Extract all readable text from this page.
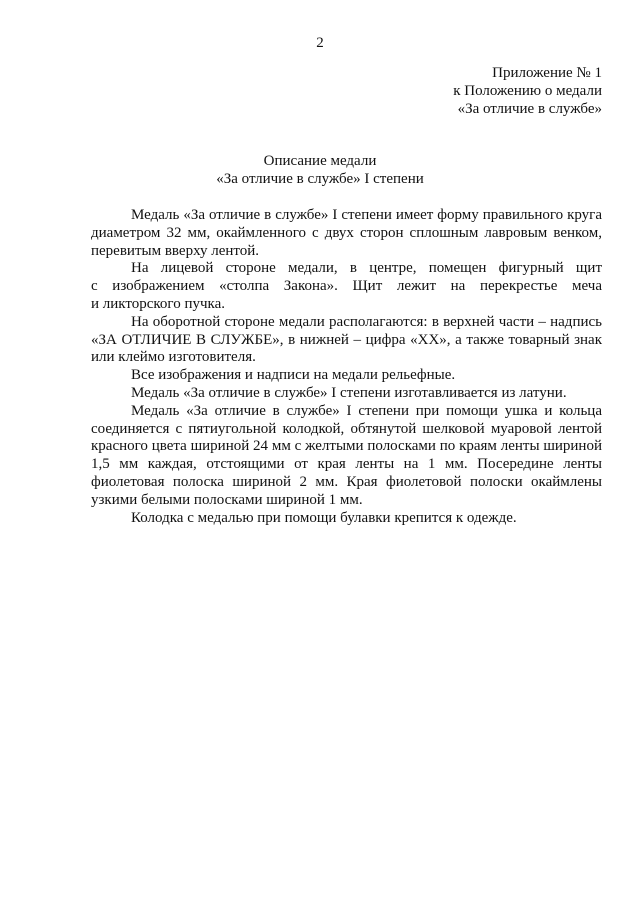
2
Приложение № 1
к Положению о медали
«За отличие в службе»
Описание медали
«За отличие в службе» I степени
Медаль «За отличие в службе» I степени имеет форму правильного круга
диаметром 32 мм, окаймленного с двух сторон сплошным лавровым венком,
перевитым вверху лентой.
На лицевой стороне медали, в центре, помещен фигурный щит
с изображением «столпа Закона». Щит лежит на перекрестье меча
и ликторского пучка.
На оборотной стороне медали располагаются: в верхней части – надпись
«ЗА ОТЛИЧИЕ В СЛУЖБЕ», в нижней – цифра «XX», а также товарный знак
или клеймо изготовителя.
Все изображения и надписи на медали рельефные.
Медаль «За отличие в службе» I степени изготавливается из латуни.
Медаль «За отличие в службе» I степени при помощи ушка и кольца
соединяется с пятиугольной колодкой, обтянутой шелковой муаровой лентой
красного цвета шириной 24 мм с желтыми полосками по краям ленты шириной
1,5 мм каждая, отстоящими от края ленты на 1 мм. Посередине ленты
фиолетовая полоска шириной 2 мм. Края фиолетовой полоски окаймлены
узкими белыми полосками шириной 1 мм.
Колодка с медалью при помощи булавки крепится к одежде.
